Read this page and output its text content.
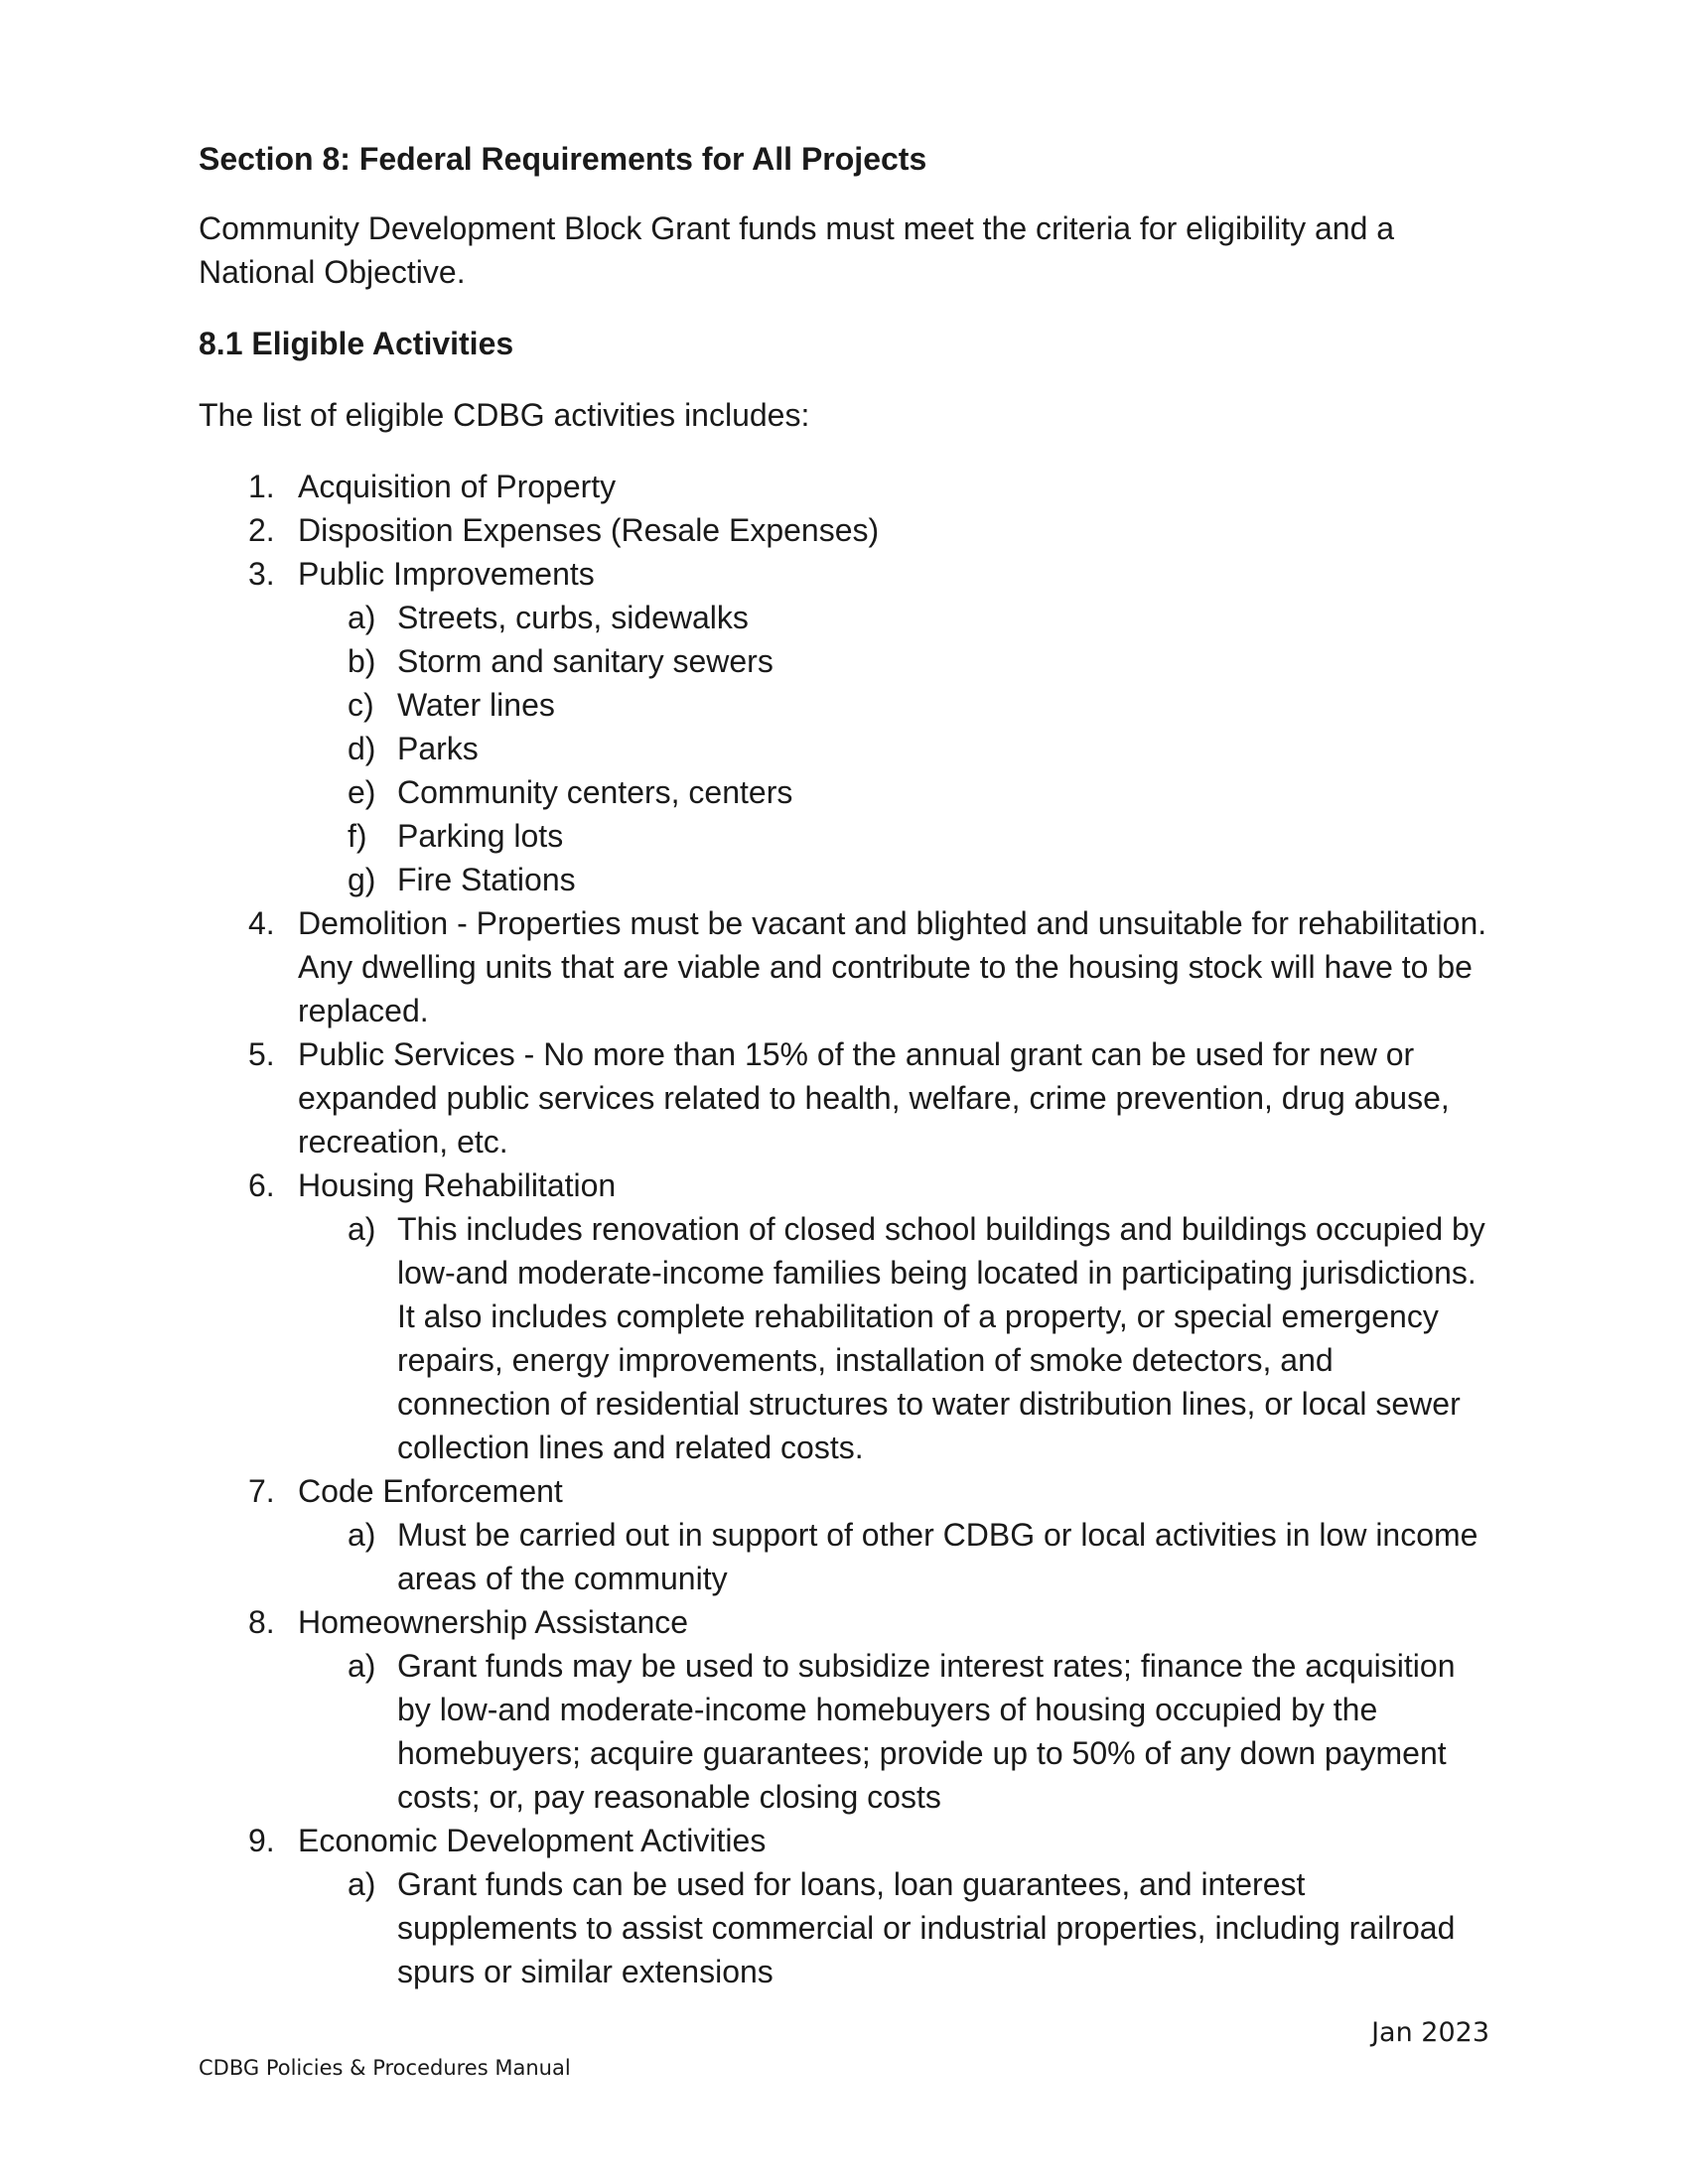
Section 8: Federal Requirements for All Projects

Community Development Block Grant funds must meet the criteria for eligibility and a National Objective.

8.1 Eligible Activities

The list of eligible CDBG activities includes:

1. Acquisition of Property
2. Disposition Expenses (Resale Expenses)
3. Public Improvements
a) Streets, curbs, sidewalks
b) Storm and sanitary sewers
c) Water lines
d) Parks
e) Community centers, centers
f) Parking lots
g) Fire Stations
4. Demolition - Properties must be vacant and blighted and unsuitable for rehabilitation. Any dwelling units that are viable and contribute to the housing stock will have to be replaced.
5. Public Services - No more than 15% of the annual grant can be used for new or expanded public services related to health, welfare, crime prevention, drug abuse, recreation, etc.
6. Housing Rehabilitation
a) This includes renovation of closed school buildings and buildings occupied by low-and moderate-income families being located in participating jurisdictions. It also includes complete rehabilitation of a property, or special emergency repairs, energy improvements, installation of smoke detectors, and connection of residential structures to water distribution lines, or local sewer collection lines and related costs.
7. Code Enforcement
a) Must be carried out in support of other CDBG or local activities in low income areas of the community
8. Homeownership Assistance
a) Grant funds may be used to subsidize interest rates; finance the acquisition by low-and moderate-income homebuyers of housing occupied by the homebuyers; acquire guarantees; provide up to 50% of any down payment costs; or, pay reasonable closing costs
9. Economic Development Activities
a) Grant funds can be used for loans, loan guarantees, and interest supplements to assist commercial or industrial properties, including railroad spurs or similar extensions
Jan 2023
CDBG Policies & Procedures Manual
